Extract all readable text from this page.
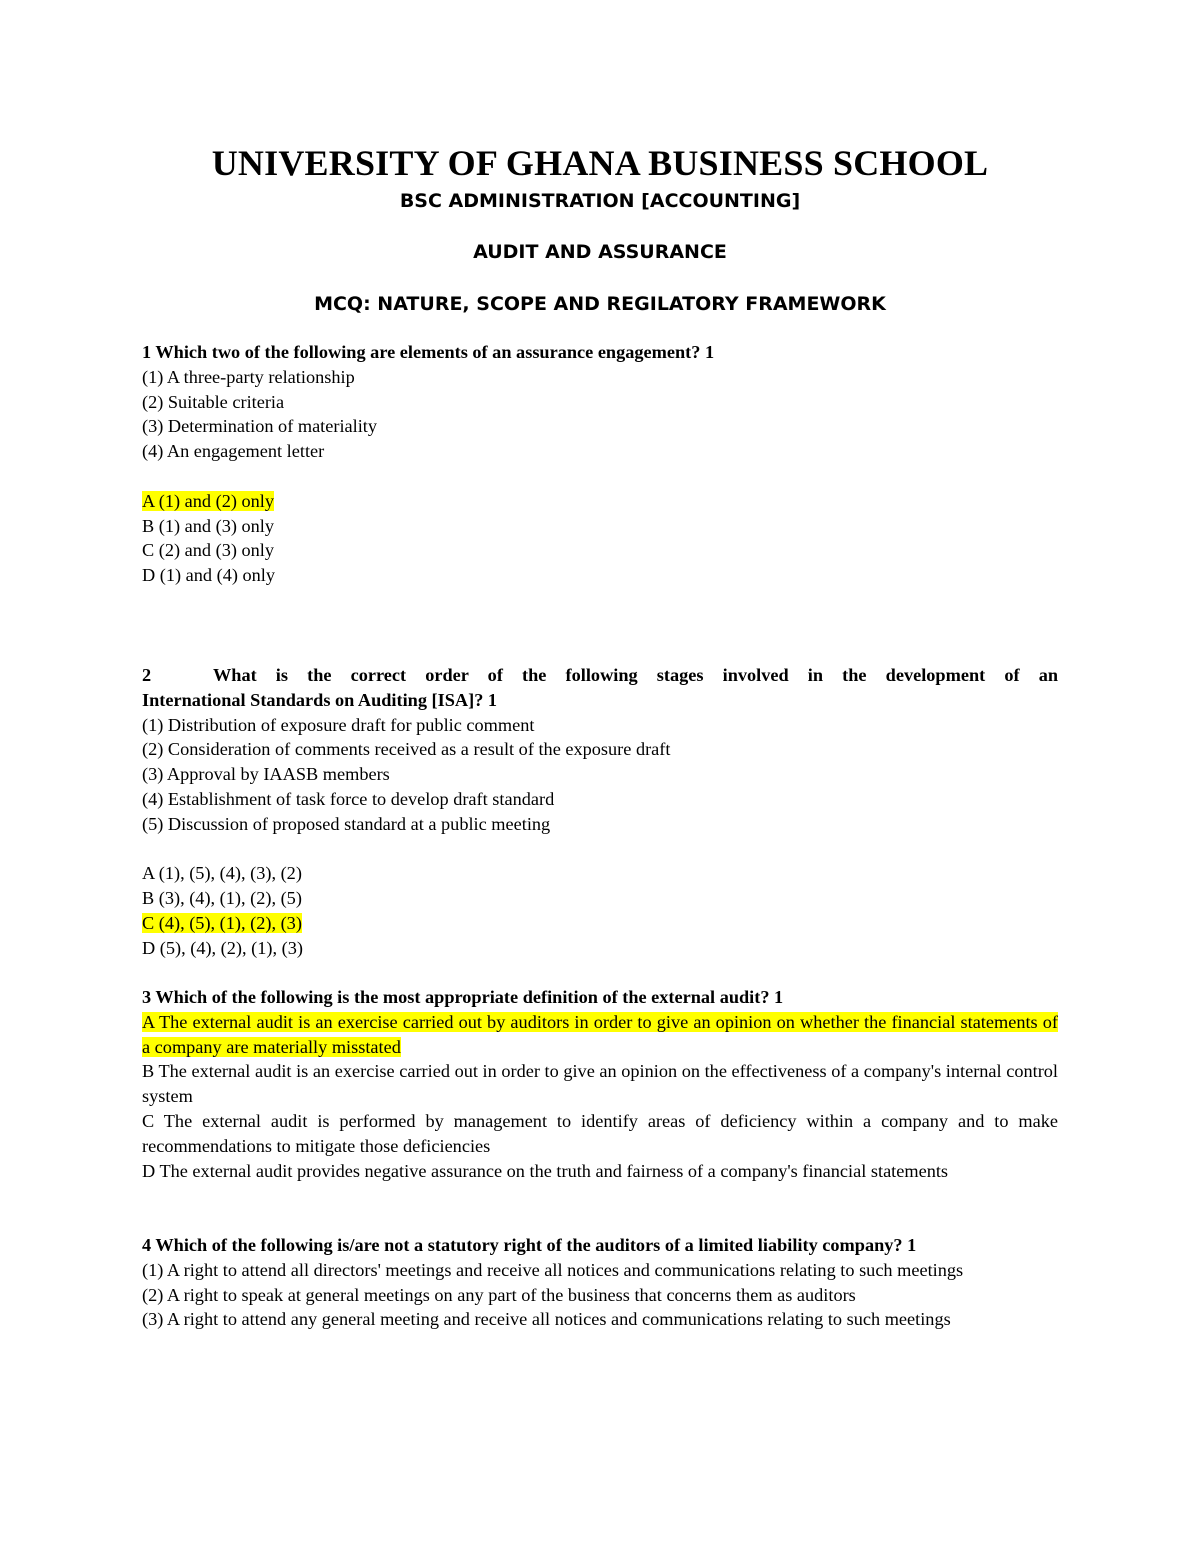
UNIVERSITY OF GHANA BUSINESS SCHOOL
BSC ADMINISTRATION [ACCOUNTING]
AUDIT AND ASSURANCE
MCQ: NATURE, SCOPE AND REGILATORY FRAMEWORK
1 Which two of the following are elements of an assurance engagement? 1
(1) A three-party relationship
(2) Suitable criteria
(3) Determination of materiality
(4) An engagement letter
A (1) and (2) only
B (1) and (3) only
C (2) and (3) only
D (1) and (4) only
2	What is the correct order of the following stages involved in the development of an
International Standards on Auditing [ISA]? 1
(1) Distribution of exposure draft for public comment
(2) Consideration of comments received as a result of the exposure draft
(3) Approval by IAASB members
(4) Establishment of task force to develop draft standard
(5) Discussion of proposed standard at a public meeting
A (1), (5), (4), (3), (2)
B (3), (4), (1), (2), (5)
C (4), (5), (1), (2), (3)
D (5), (4), (2), (1), (3)
3 Which of the following is the most appropriate definition of the external audit? 1
A The external audit is an exercise carried out by auditors in order to give an opinion on whether the financial statements of a company are materially misstated
B The external audit is an exercise carried out in order to give an opinion on the effectiveness of a company's internal control system
C The external audit is performed by management to identify areas of deficiency within a company and to make recommendations to mitigate those deficiencies
D The external audit provides negative assurance on the truth and fairness of a company's financial statements
4 Which of the following is/are not a statutory right of the auditors of a limited liability company? 1
(1) A right to attend all directors' meetings and receive all notices and communications relating to such meetings
(2) A right to speak at general meetings on any part of the business that concerns them as auditors
(3) A right to attend any general meeting and receive all notices and communications relating to such meetings
